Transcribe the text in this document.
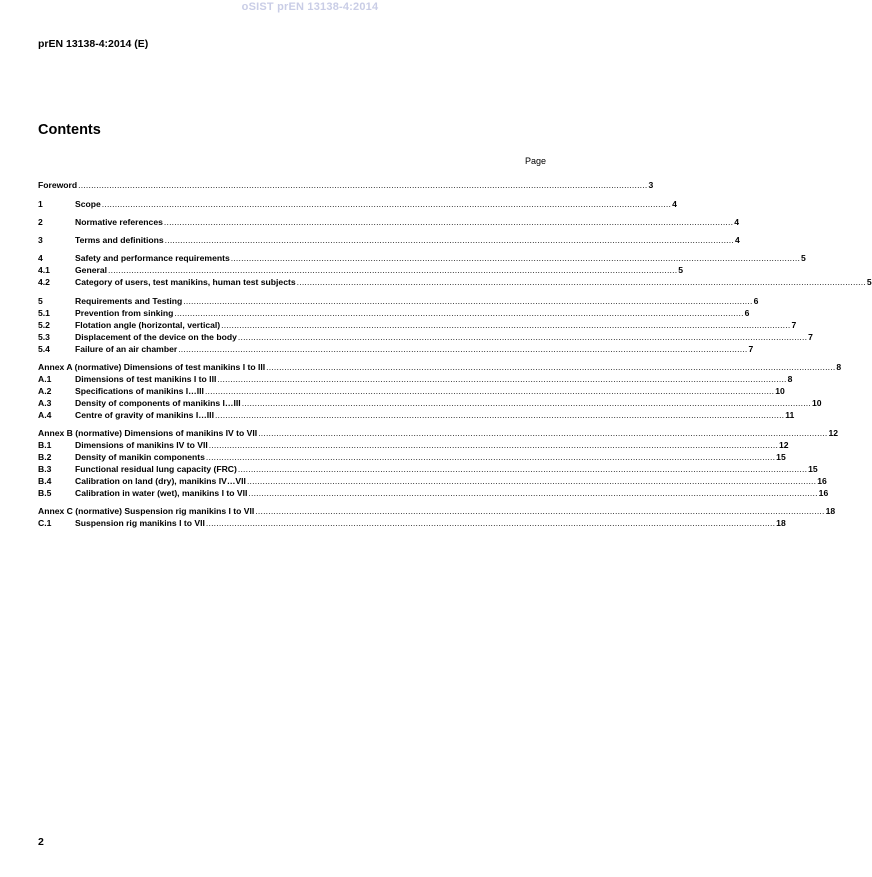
oSIST prEN 13138-4:2014
prEN 13138-4:2014 (E)
Contents
Page
Foreword ............................................................................................................................................................................................................................ 3
1	Scope ............................................................................................................................................................................................................................ 4
2	Normative references ............................................................................................................................................................................................................................ 4
3	Terms and definitions ............................................................................................................................................................................................................................ 4
4	Safety and performance requirements ............................................................................................................................................................................................................................ 5
4.1	General ............................................................................................................................................................................................................................ 5
4.2	Category of users, test manikins, human test subjects ............................................................................................................................................................................................................................ 5
5	Requirements and Testing ............................................................................................................................................................................................................................ 6
5.1	Prevention from sinking ............................................................................................................................................................................................................................ 6
5.2	Flotation angle (horizontal, vertical) ............................................................................................................................................................................................................................ 7
5.3	Displacement of the device on the body ............................................................................................................................................................................................................................ 7
5.4	Failure of an air chamber ............................................................................................................................................................................................................................ 7
Annex A (normative) Dimensions of test manikins I to III ............................................................................................................................................................................................................................ 8
A.1	Dimensions of test manikins I to III ............................................................................................................................................................................................................................ 8
A.2	Specifications of manikins I…III ............................................................................................................................................................................................................................ 10
A.3	Density of components of manikins I…III ............................................................................................................................................................................................................................ 10
A.4	Centre of gravity of manikins I…III ............................................................................................................................................................................................................................ 11
Annex B (normative) Dimensions of manikins IV to VII ............................................................................................................................................................................................................................ 12
B.1	Dimensions of manikins IV to VII ............................................................................................................................................................................................................................ 12
B.2	Density of manikin components ............................................................................................................................................................................................................................ 15
B.3	Functional residual lung capacity (FRC) ............................................................................................................................................................................................................................ 15
B.4	Calibration on land (dry), manikins IV…VII ............................................................................................................................................................................................................................ 16
B.5	Calibration in water (wet), manikins I to VII ............................................................................................................................................................................................................................ 16
Annex C (normative) Suspension rig manikins I to VII ............................................................................................................................................................................................................................ 18
C.1	Suspension rig manikins I to VII ............................................................................................................................................................................................................................ 18
2
